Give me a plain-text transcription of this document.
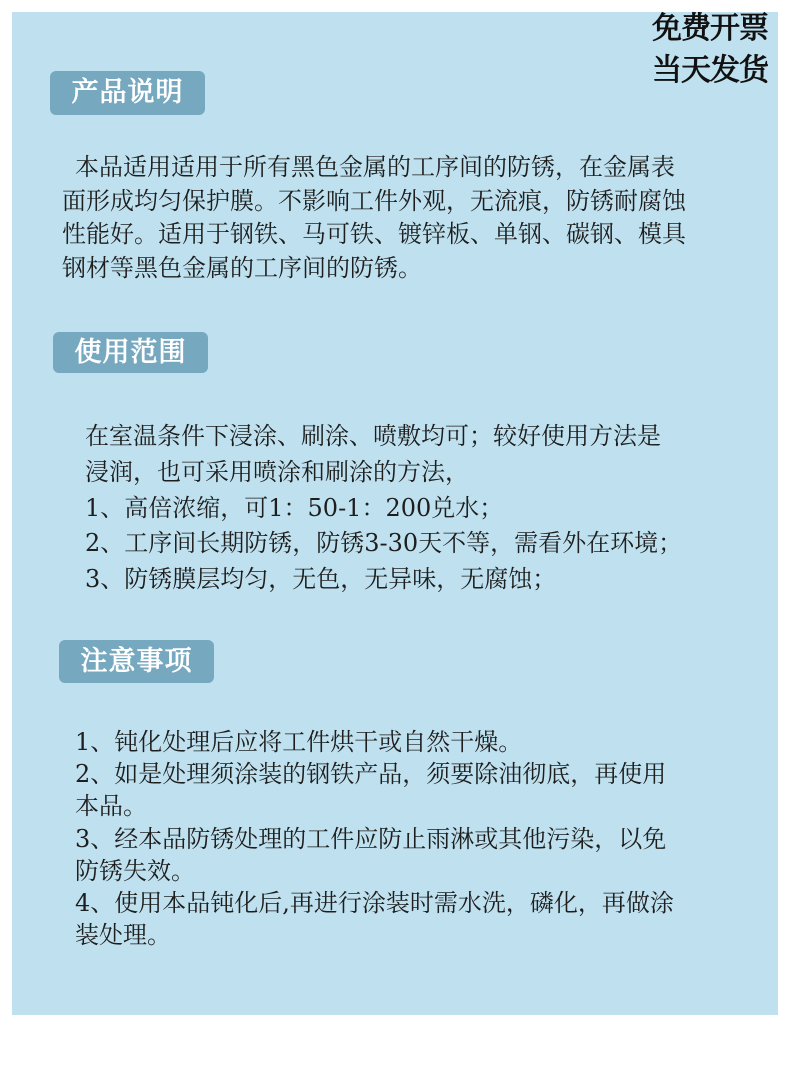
免费开票
当天发货
产品说明
本品适用适用于所有黑色金属的工序间的防锈，在金属表
面形成均匀保护膜。不影响工件外观，无流痕，防锈耐腐蚀
性能好。适用于钢铁、马可铁、镀锌板、单钢、碳钢、模具
钢材等黑色金属的工序间的防锈。
使用范围
在室温条件下浸涂、刷涂、喷敷均可；较好使用方法是
浸润，也可采用喷涂和刷涂的方法，
1、高倍浓缩，可1：50-1：200兑水；
2、工序间长期防锈，防锈3-30天不等，需看外在环境；
3、防锈膜层均匀，无色，无异味，无腐蚀；
注意事项
1、钝化处理后应将工件烘干或自然干燥。
2、如是处理须涂装的钢铁产品，须要除油彻底，再使用
本品。
3、经本品防锈处理的工件应防止雨淋或其他污染，以免
防锈失效。
4、使用本品钝化后,再进行涂装时需水洗，磷化，再做涂
装处理。
